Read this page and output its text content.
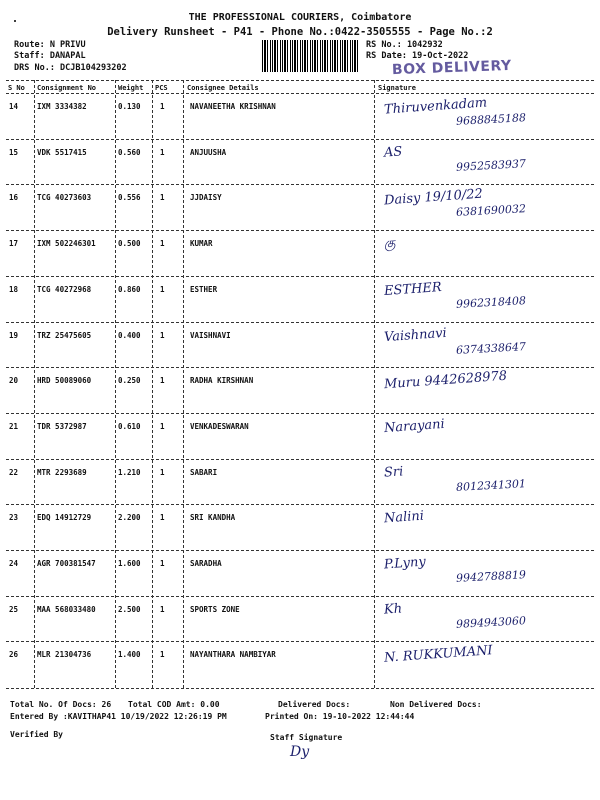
THE PROFESSIONAL COURIERS, Coimbatore
Delivery Runsheet - P41 - Phone No.:0422-3505555 - Page No.:2
Route: N PRIVU
Staff: DANAPAL
DRS No.: DCJB104293202
RS No.: 1042932
RS Date: 19-Oct-2022
BOX DELIVERY
S No Consignment No	Weight PCS	Consignee Details	Signature
14	IXM 3334382	0.130	1	NAVANEETHA KRISHNAN	Thiruvenkadam
9688845188
15	VDK 5517415	0.560	1	ANJUUSHA	AS
9952583937
16	TCG 40273603	0.556	1	JJDAISY	Daisy 19/10/22
6381690032
17	IXM 502246301	0.500	1	KUMAR	கு
18	TCG 40272968	0.860	1	ESTHER	ESTHER
9962318408
19	TRZ 25475605	0.400	1	VAISHNAVI	Vaishnavi
6374338647
20	HRD 50089060	0.250	1	RADHA KIRSHNAN	Muru 9442628978
21	TDR 5372987	0.610	1	VENKADESWARAN	Narayani
22	MTR 2293689	1.210	1	SABARI	Sri
8012341301
23	EDQ 14912729	2.200	1	SRI KANDHA	Nalini
24	AGR 700381547	1.600	1	SARADHA	P.Lyny
9942788819
25	MAA 568033480	2.500	1	SPORTS ZONE	Kh
9894943060
26	MLR 21304736	1.400	1	NAYANTHARA NAMBIYAR	N. RUKKUMANI
Total No. Of Docs: 26 Total COD Amt: 0.00	Delivered Docs:	Non Delivered Docs:
Entered By :KAVITHAP41 10/19/2022 12:26:19 PM	Printed On: 19-10-2022 12:44:44
Verified By	Staff Signature
Dy
